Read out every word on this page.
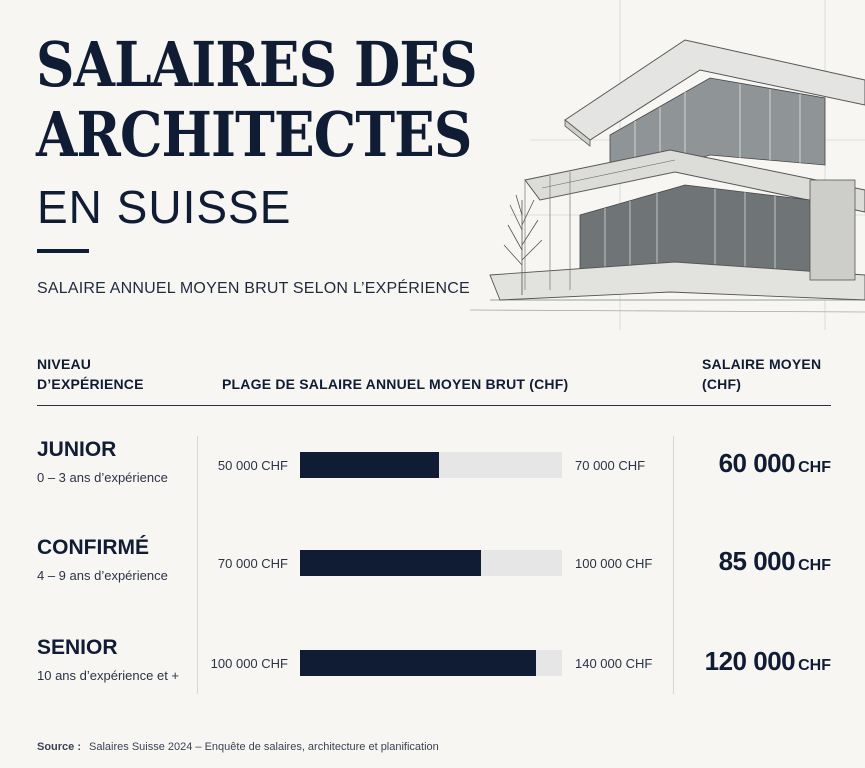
SALAIRES DES
ARCHITECTES
EN SUISSE
SALAIRE ANNUEL MOYEN BRUT SELON L’EXPÉRIENCE
NIVEAU D’EXPÉRIENCE	PLAGE DE SALAIRE ANNUEL MOYEN BRUT (CHF)
SALAIRE MOYEN (CHF)
JUNIOR
0 – 3 ans d’expérience
50 000 CHF	70 000 CHF	60 000 CHF
CONFIRMÉ
4 – 9 ans d’expérience
70 000 CHF	100 000 CHF	85 000 CHF
SENIOR
10 ans d’expérience et +
100 000 CHF	140 000 CHF 120 000 CHF
Source : Salaires Suisse 2024 – Enquête de salaires, architecture et planification
